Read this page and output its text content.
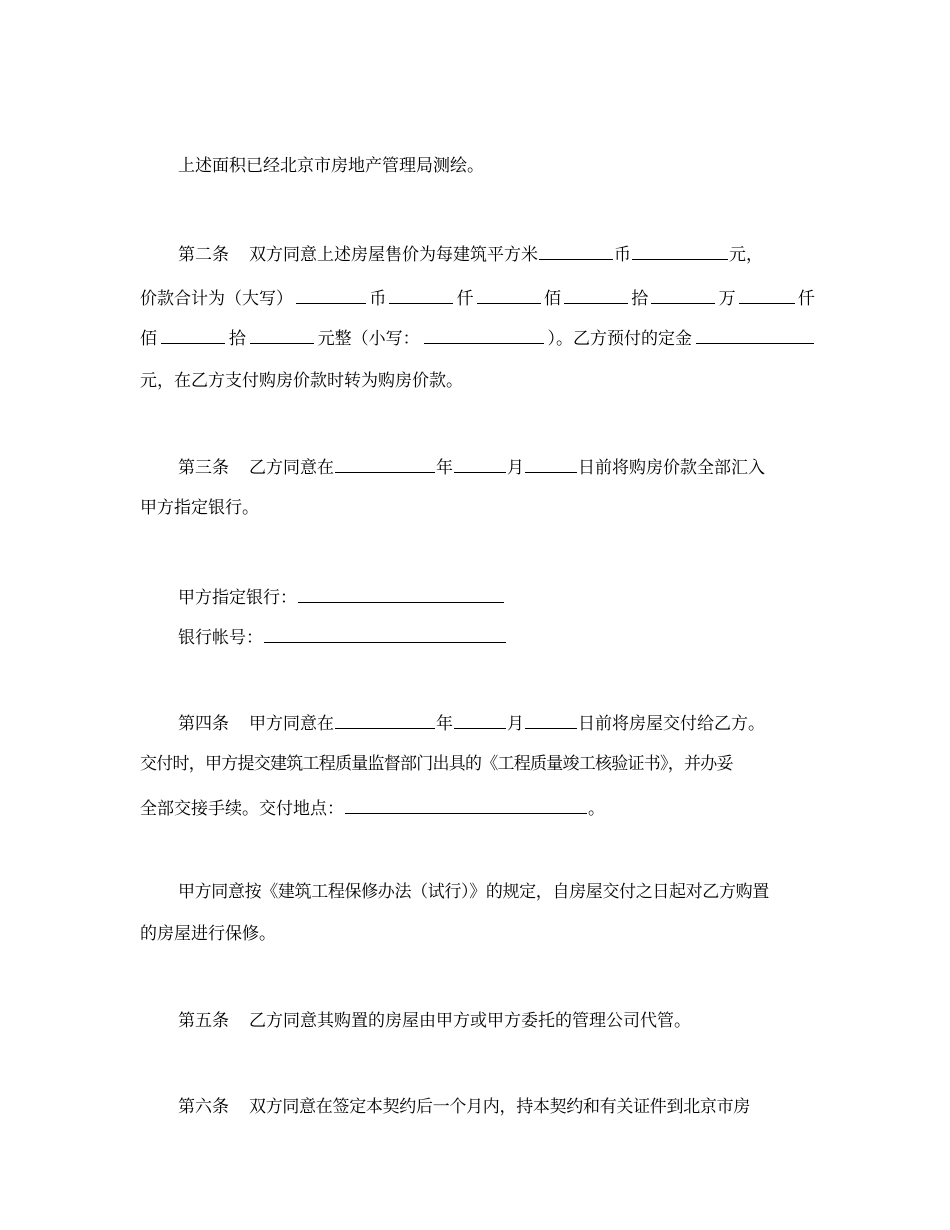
上述面积已经北京市房地产管理局测绘。
第二条 双方同意上述房屋售价为每建筑平方米	币	元，
价款合计为（大写）	币	仟	佰	拾	万	仟
佰	拾	元整（小写：	）。乙方预付的定金
元，在乙方支付购房价款时转为购房价款。
第三条 乙方同意在	年	月	日前将购房价款全部汇入
甲方指定银行。
甲方指定银行：
银行帐号：
第四条 甲方同意在	年	月	日前将房屋交付给乙方。
交付时，甲方提交建筑工程质量监督部门出具的《工程质量竣工核验证书》，并办妥
全部交接手续。交付地点：	。
甲方同意按《建筑工程保修办法（试行）》的规定，自房屋交付之日起对乙方购置
的房屋进行保修。
第五条 乙方同意其购置的房屋由甲方或甲方委托的管理公司代管。
第六条 双方同意在签定本契约后一个月内，持本契约和有关证件到北京市房
